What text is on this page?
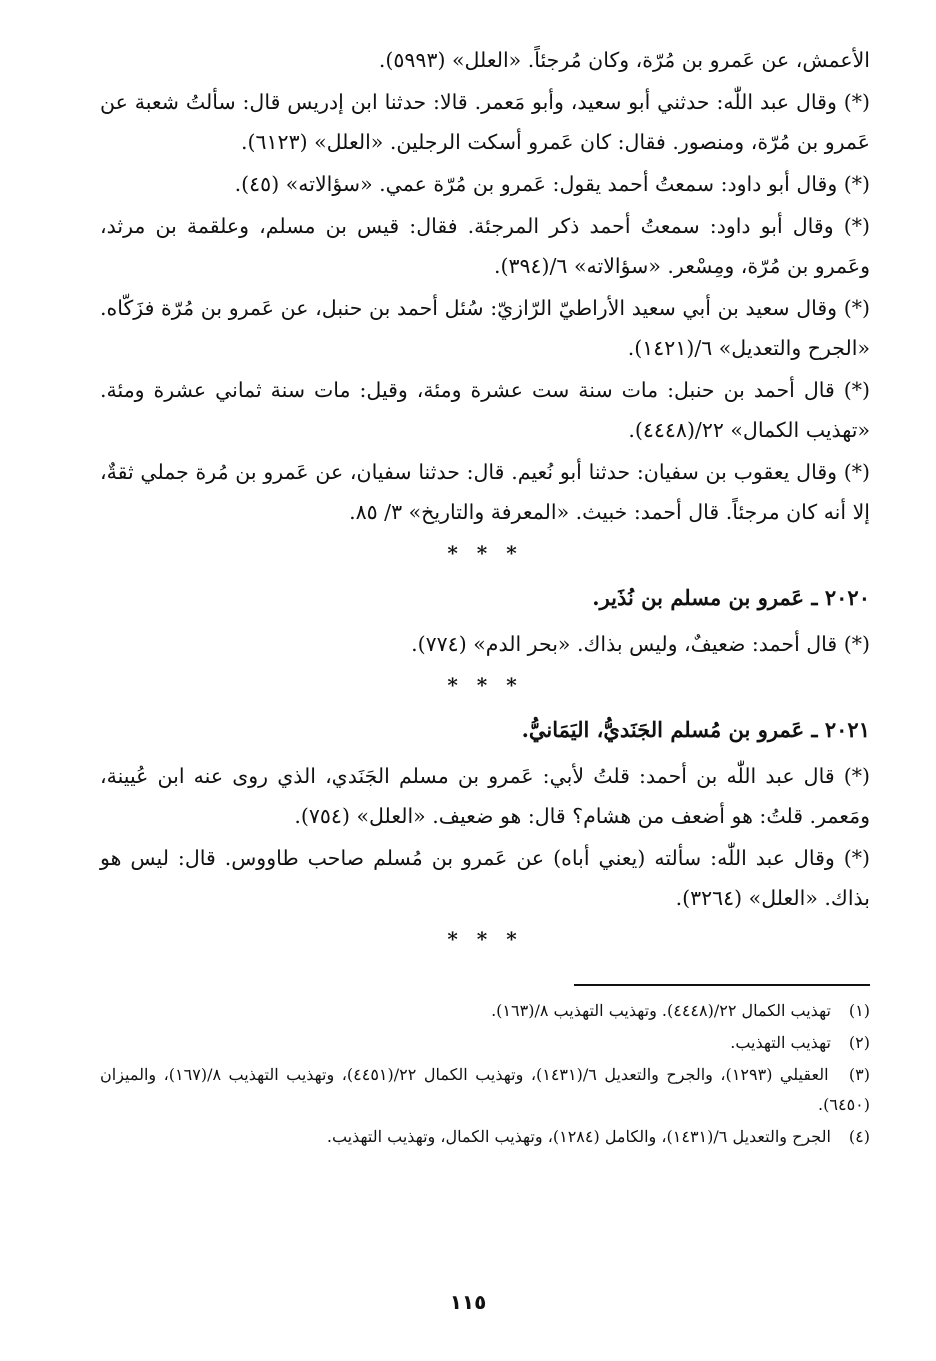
الأعمش، عن عَمرو بن مُرّة، وكان مُرجئاً. «العلل» (٥٩٩٣).

(*) وقال عبد اللّٰه: حدثني أبو سعيد، وأبو مَعمر. قالا: حدثنا ابن إدريس قال: سألتُ شعبة عن عَمرو بن مُرّة، ومنصور. فقال: كان عَمرو أسكت الرجلين. «العلل» (٦١٢٣).

(*) وقال أبو داود: سمعتُ أحمد يقول: عَمرو بن مُرّة عمي. «سؤالاته» (٤٥).

(*) وقال أبو داود: سمعتُ أحمد ذكر المرجئة. فقال: قيس بن مسلم، وعلقمة بن مرثد، وعَمرو بن مُرّة، ومِسْعر. «سؤالاته» ٦/(٣٩٤).

(*) وقال سعيد بن أبي سعيد الأراطيّ الرّازيّ: سُئل أحمد بن حنبل، عن عَمرو بن مُرّة فزَكّاه. «الجرح والتعديل» ٦/(١٤٢١).

(*) قال أحمد بن حنبل: مات سنة ست عشرة ومئة، وقيل: مات سنة ثماني عشرة ومئة. «تهذيب الكمال» ٢٢/(٤٤٤٨).

(*) وقال يعقوب بن سفيان: حدثنا أبو نُعيم. قال: حدثنا سفيان، عن عَمرو بن مُرة جملي ثقةٌ، إلا أنه كان مرجئاً. قال أحمد: خبيث. «المعرفة والتاريخ» ٣/ ٨٥.

* * *
٢٠٢٠ ـ عَمرو بن مسلم بن نُذَير.

(*) قال أحمد: ضعيفٌ، وليس بذاك. «بحر الدم» (٧٧٤).

* * *
٢٠٢١ ـ عَمرو بن مُسلم الجَنَديُّ، اليَمَانيُّ.

(*) قال عبد اللّٰه بن أحمد: قلتُ لأبي: عَمرو بن مسلم الجَنَدي، الذي روى عنه ابن عُيينة، ومَعمر. قلتُ: هو أضعف من هشام؟ قال: هو ضعيف. «العلل» (٧٥٤).

(*) وقال عبد اللّٰه: سألته (يعني أباه) عن عَمرو بن مُسلم صاحب طاووس. قال: ليس هو بذاك. «العلل» (٣٢٦٤).

* * *

(١) تهذيب الكمال ٢٢/(٤٤٤٨). وتهذيب التهذيب ٨/(١٦٣).

(٢) تهذيب التهذيب.

(٣) العقيلي (١٢٩٣)، والجرح والتعديل ٦/(١٤٣١)، وتهذيب الكمال ٢٢/(٤٤٥١)، وتهذيب التهذيب ٨/(١٦٧)، والميزان (٦٤٥٠).

(٤) الجرح والتعديل ٦/(١٤٣١)، والكامل (١٢٨٤)، وتهذيب الكمال، وتهذيب التهذيب.

١١٥
